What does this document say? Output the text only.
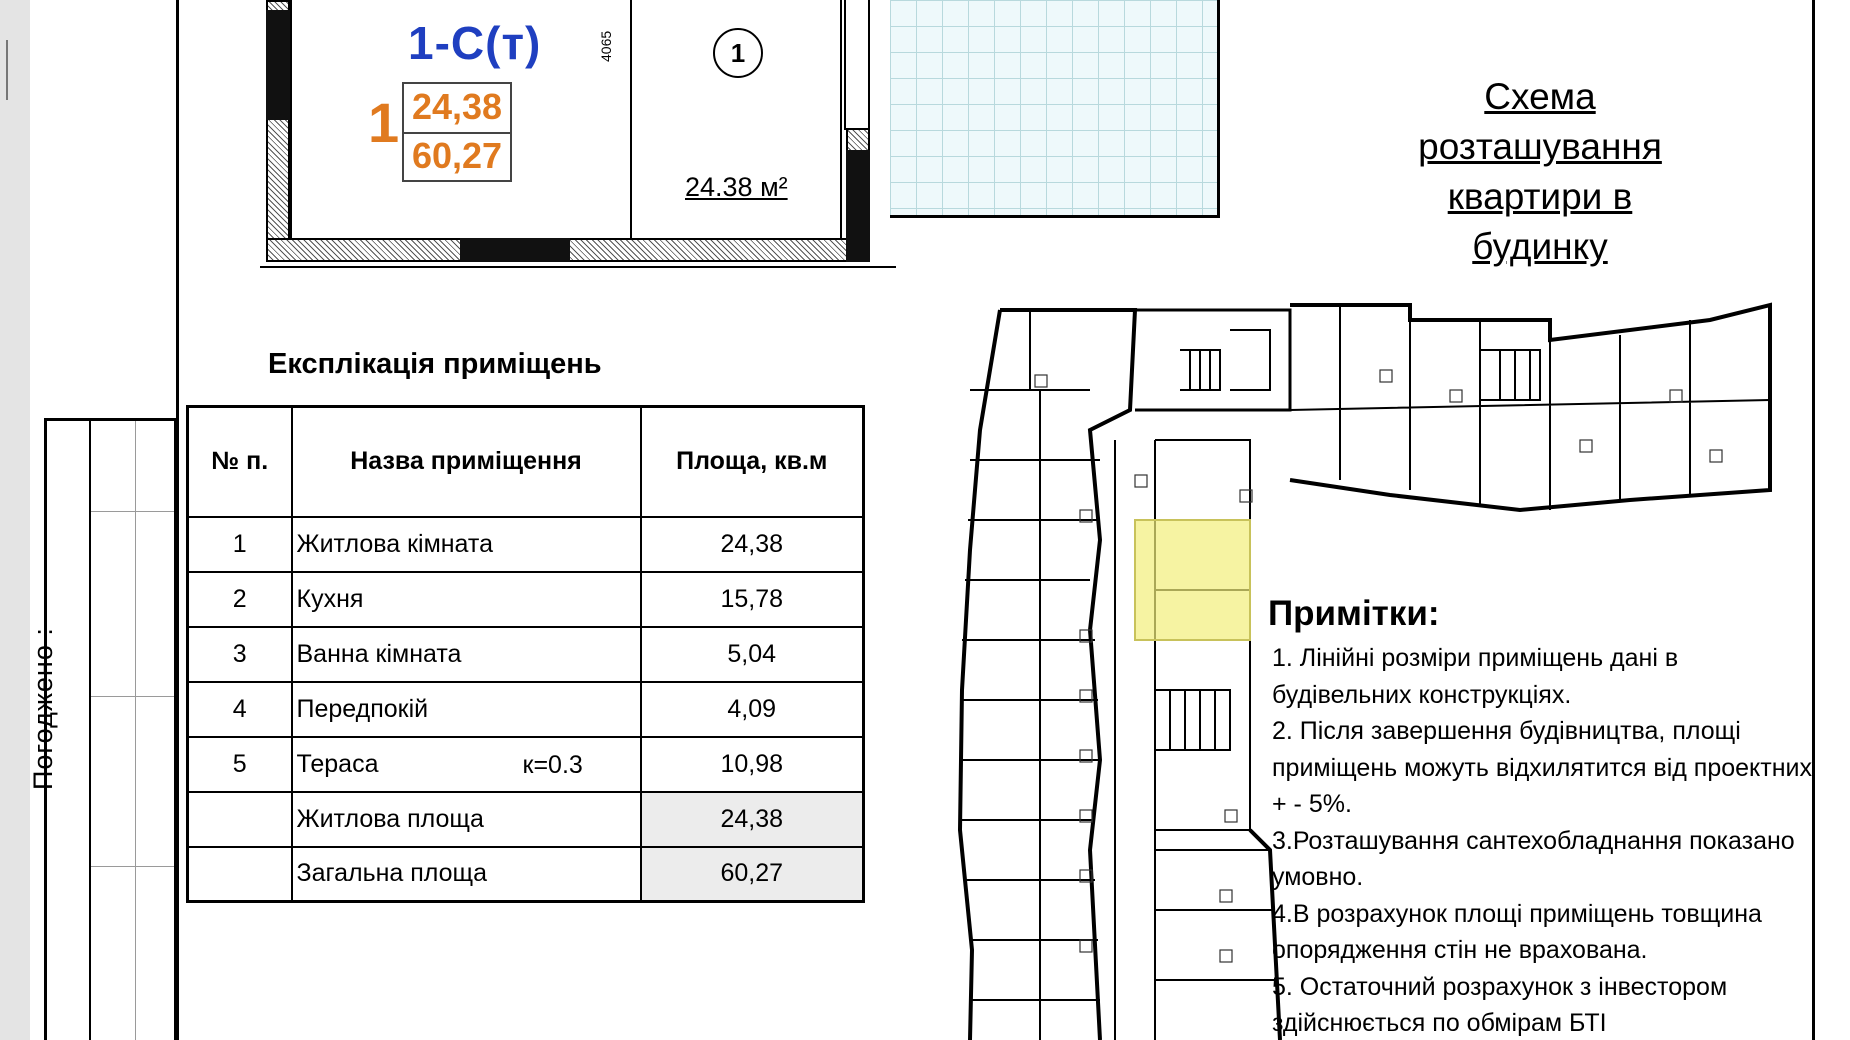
Погоджено :
1-С(т)
1 24,38
60,27
4065	1
24.38 м²
Експлікація приміщень
№ п.	Назва приміщення	Площа, кв.м
1	Житлова кімната	24,38
2	Кухня	15,78
3	Ванна кімната	5,04
4	Передпокій	4,09
5	Тераса к=0.3	10,98
	Житлова площа	24,38
	Загальна площа	60,27
Схема
розташування
квартири в
будинку
Примітки:
1. Лінійні розміри приміщень дані в
будівельних конструкціях.
2. Після завершення будівництва, площі
приміщень можуть відхилятится від проектних
+ - 5%.
3.Розташування сантехобладнання показано
умовно.
4.В розрахунок площі приміщень товщина
опорядження стін не врахована.
5. Остаточний розрахунок з інвестором
здійснюється по обмірам БТІ
